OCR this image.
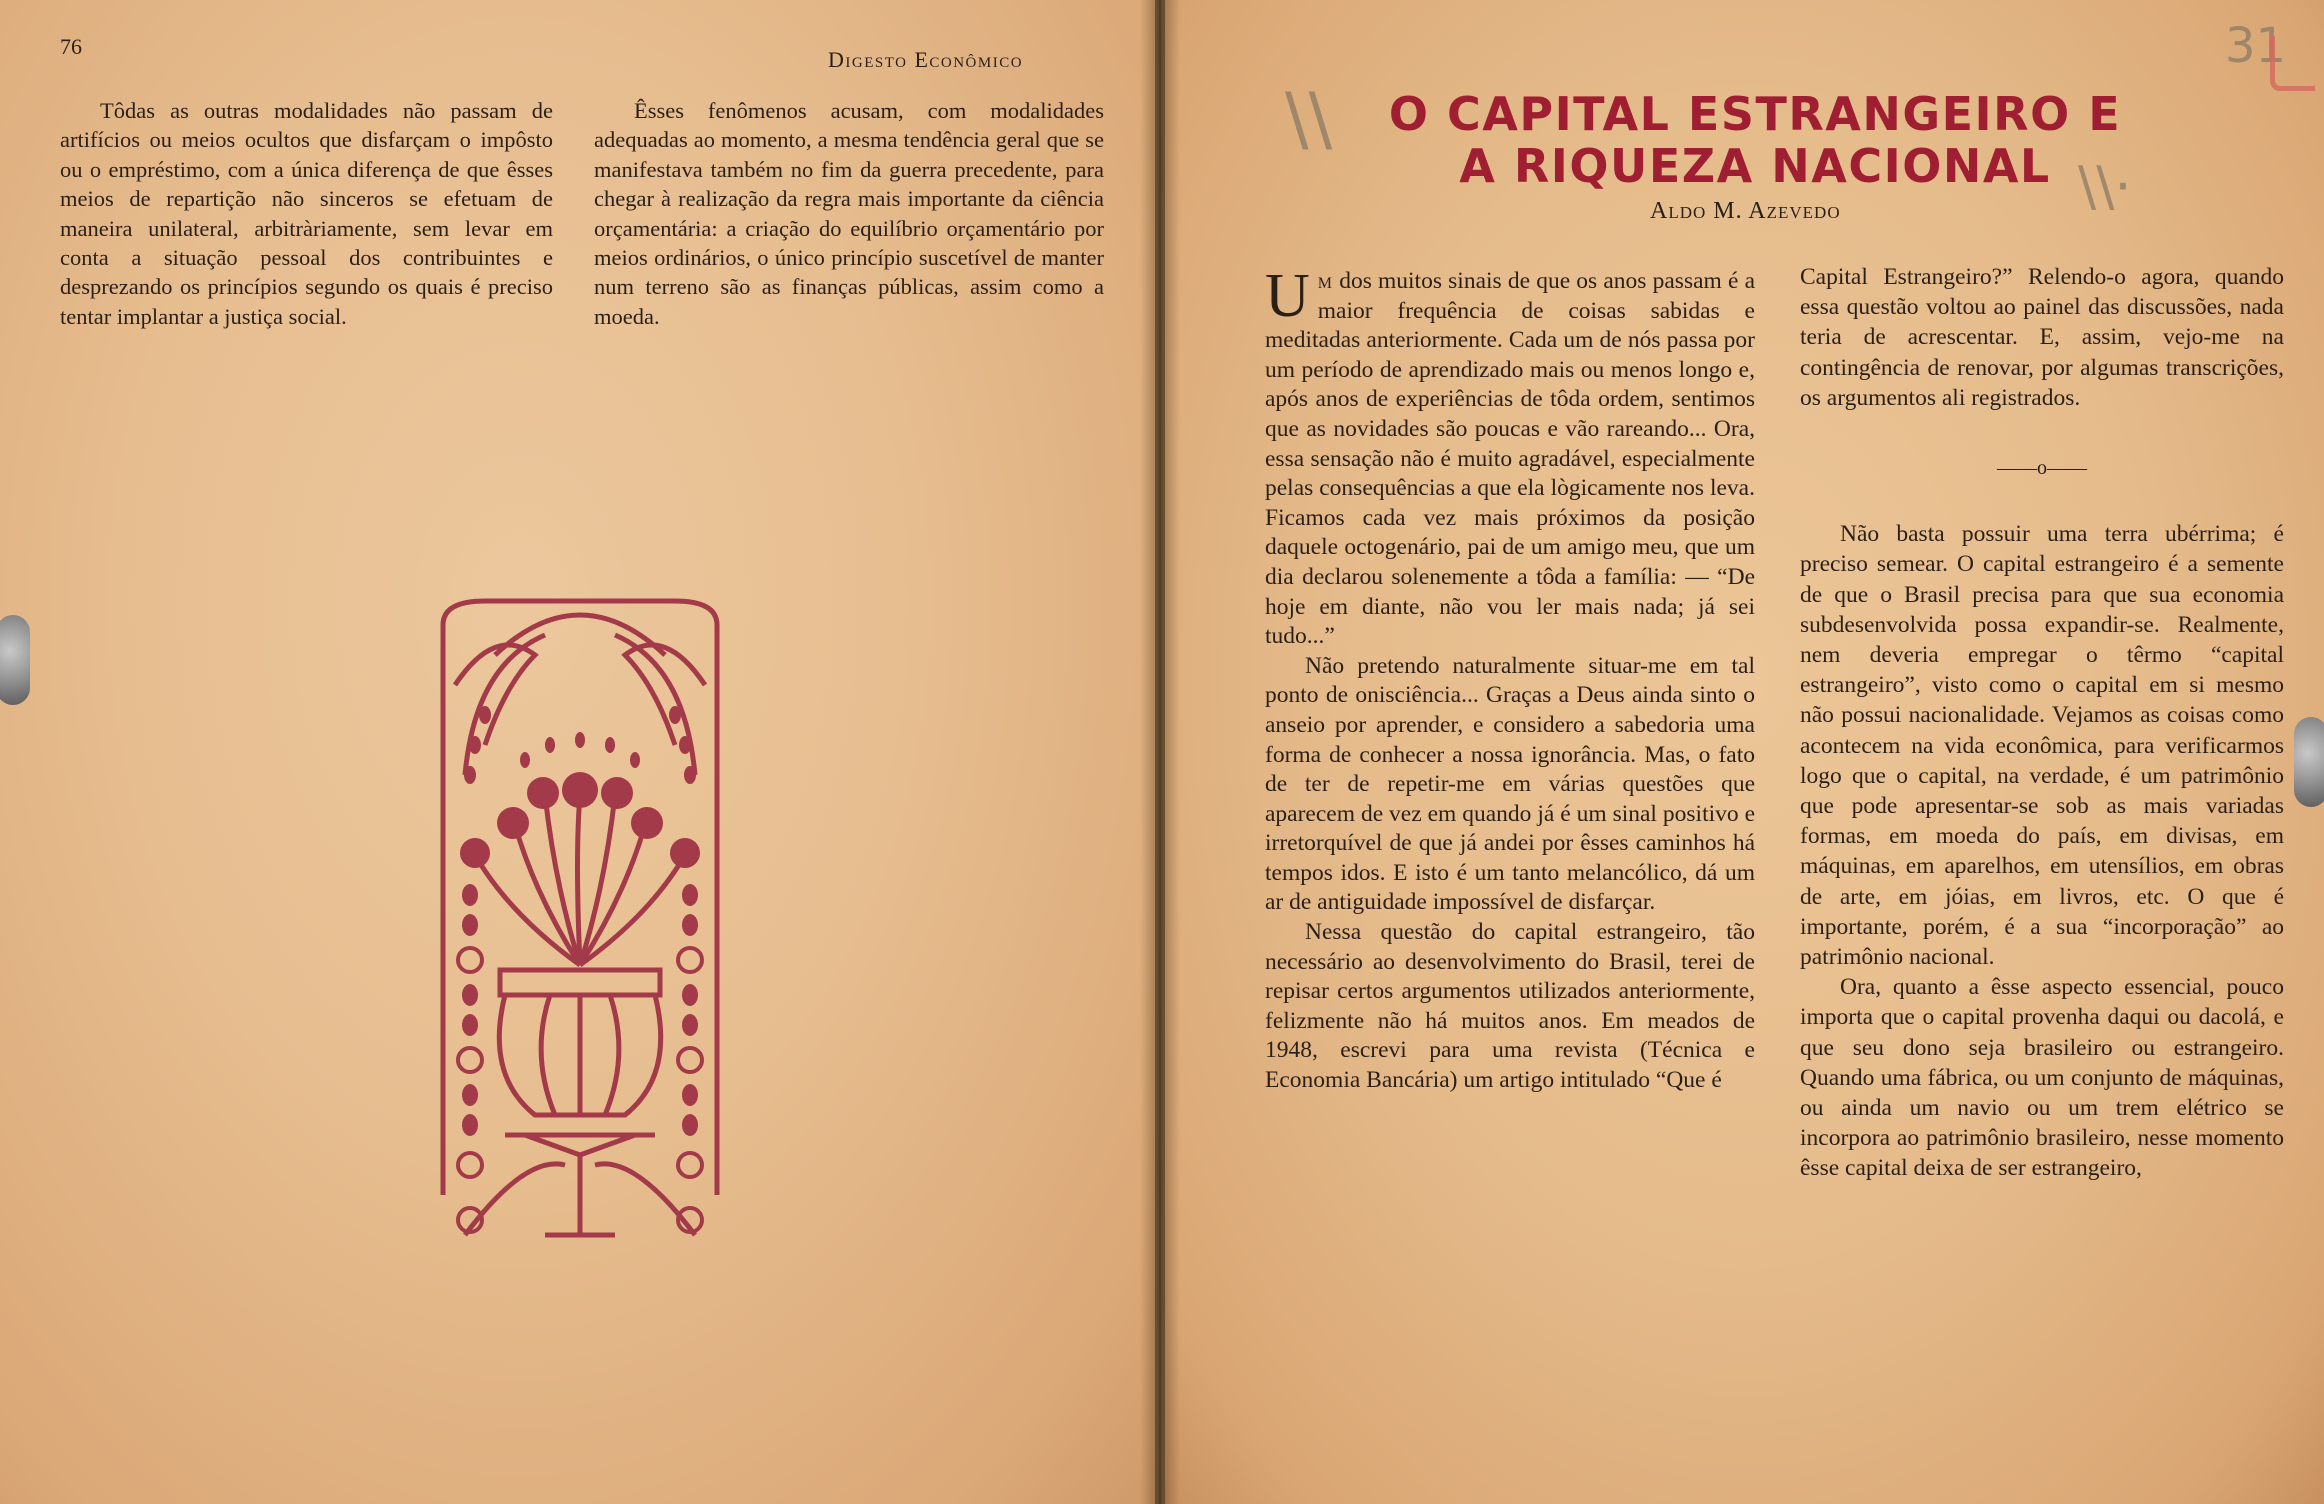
76
Digesto Econômico

Tôdas as outras modalidades não passam de artifícios ou meios ocultos que disfarçam o impôsto ou o empréstimo, com a única diferença de que êsses meios de repartição não sinceros se efetuam de maneira unilateral, arbitràriamente, sem levar em conta a situação pessoal dos contribuintes e desprezando os princípios segundo os quais é preciso tentar implantar a justiça social.

Êsses fenômenos acusam, com modalidades adequadas ao momento, a mesma tendência geral que se manifestava também no fim da guerra precedente, para chegar à realização da regra mais importante da ciência orçamentária: a criação do equilíbrio orçamentário por meios ordinários, o único princípio suscetível de manter num terreno são as finanças públicas, assim como a moeda.

31
\\
\\·
O CAPITAL ESTRANGEIRO E A RIQUEZA NACIONAL
Aldo M. Azevedo

Um dos muitos sinais de que os anos passam é a maior frequência de coisas sabidas e meditadas anteriormente. Cada um de nós passa por um período de aprendizado mais ou menos longo e, após anos de experiências de tôda ordem, sentimos que as novidades são poucas e vão rareando... Ora, essa sensação não é muito agradável, especialmente pelas consequências a que ela lògicamente nos leva. Ficamos cada vez mais próximos da posição daquele octogenário, pai de um amigo meu, que um dia declarou solenemente a tôda a família: — “De hoje em diante, não vou ler mais nada; já sei tudo...”

Não pretendo naturalmente situar-me em tal ponto de onisciência... Graças a Deus ainda sinto o anseio por aprender, e considero a sabedoria uma forma de conhecer a nossa ignorância. Mas, o fato de ter de repetir-me em várias questões que aparecem de vez em quando já é um sinal positivo e irretorquível de que já andei por êsses caminhos há tempos idos. E isto é um tanto melancólico, dá um ar de antiguidade impossível de disfarçar.

Nessa questão do capital estrangeiro, tão necessário ao desenvolvimento do Brasil, terei de repisar certos argumentos utilizados anteriormente, felizmente não há muitos anos. Em meados de 1948, escrevi para uma revista (Técnica e Economia Bancária) um artigo intitulado “Que é

Capital Estrangeiro?” Relendo-o agora, quando essa questão voltou ao painel das discussões, nada teria de acrescentar. E, assim, vejo-me na contingência de renovar, por algumas transcrições, os argumentos ali registrados.

——o——

Não basta possuir uma terra ubérrima; é preciso semear. O capital estrangeiro é a semente de que o Brasil precisa para que sua economia subdesenvolvida possa expandir-se. Realmente, nem deveria empregar o têrmo “capital estrangeiro”, visto como o capital em si mesmo não possui nacionalidade. Vejamos as coisas como acontecem na vida econômica, para verificarmos logo que o capital, na verdade, é um patrimônio que pode apresentar-se sob as mais variadas formas, em moeda do país, em divisas, em máquinas, em aparelhos, em utensílios, em obras de arte, em jóias, em livros, etc. O que é importante, porém, é a sua “incorporação” ao patrimônio nacional.

Ora, quanto a êsse aspecto essencial, pouco importa que o capital provenha daqui ou dacolá, e que seu dono seja brasileiro ou estrangeiro. Quando uma fábrica, ou um conjunto de máquinas, ou ainda um navio ou um trem elétrico se incorpora ao patrimônio brasileiro, nesse momento êsse capital deixa de ser estrangeiro,
